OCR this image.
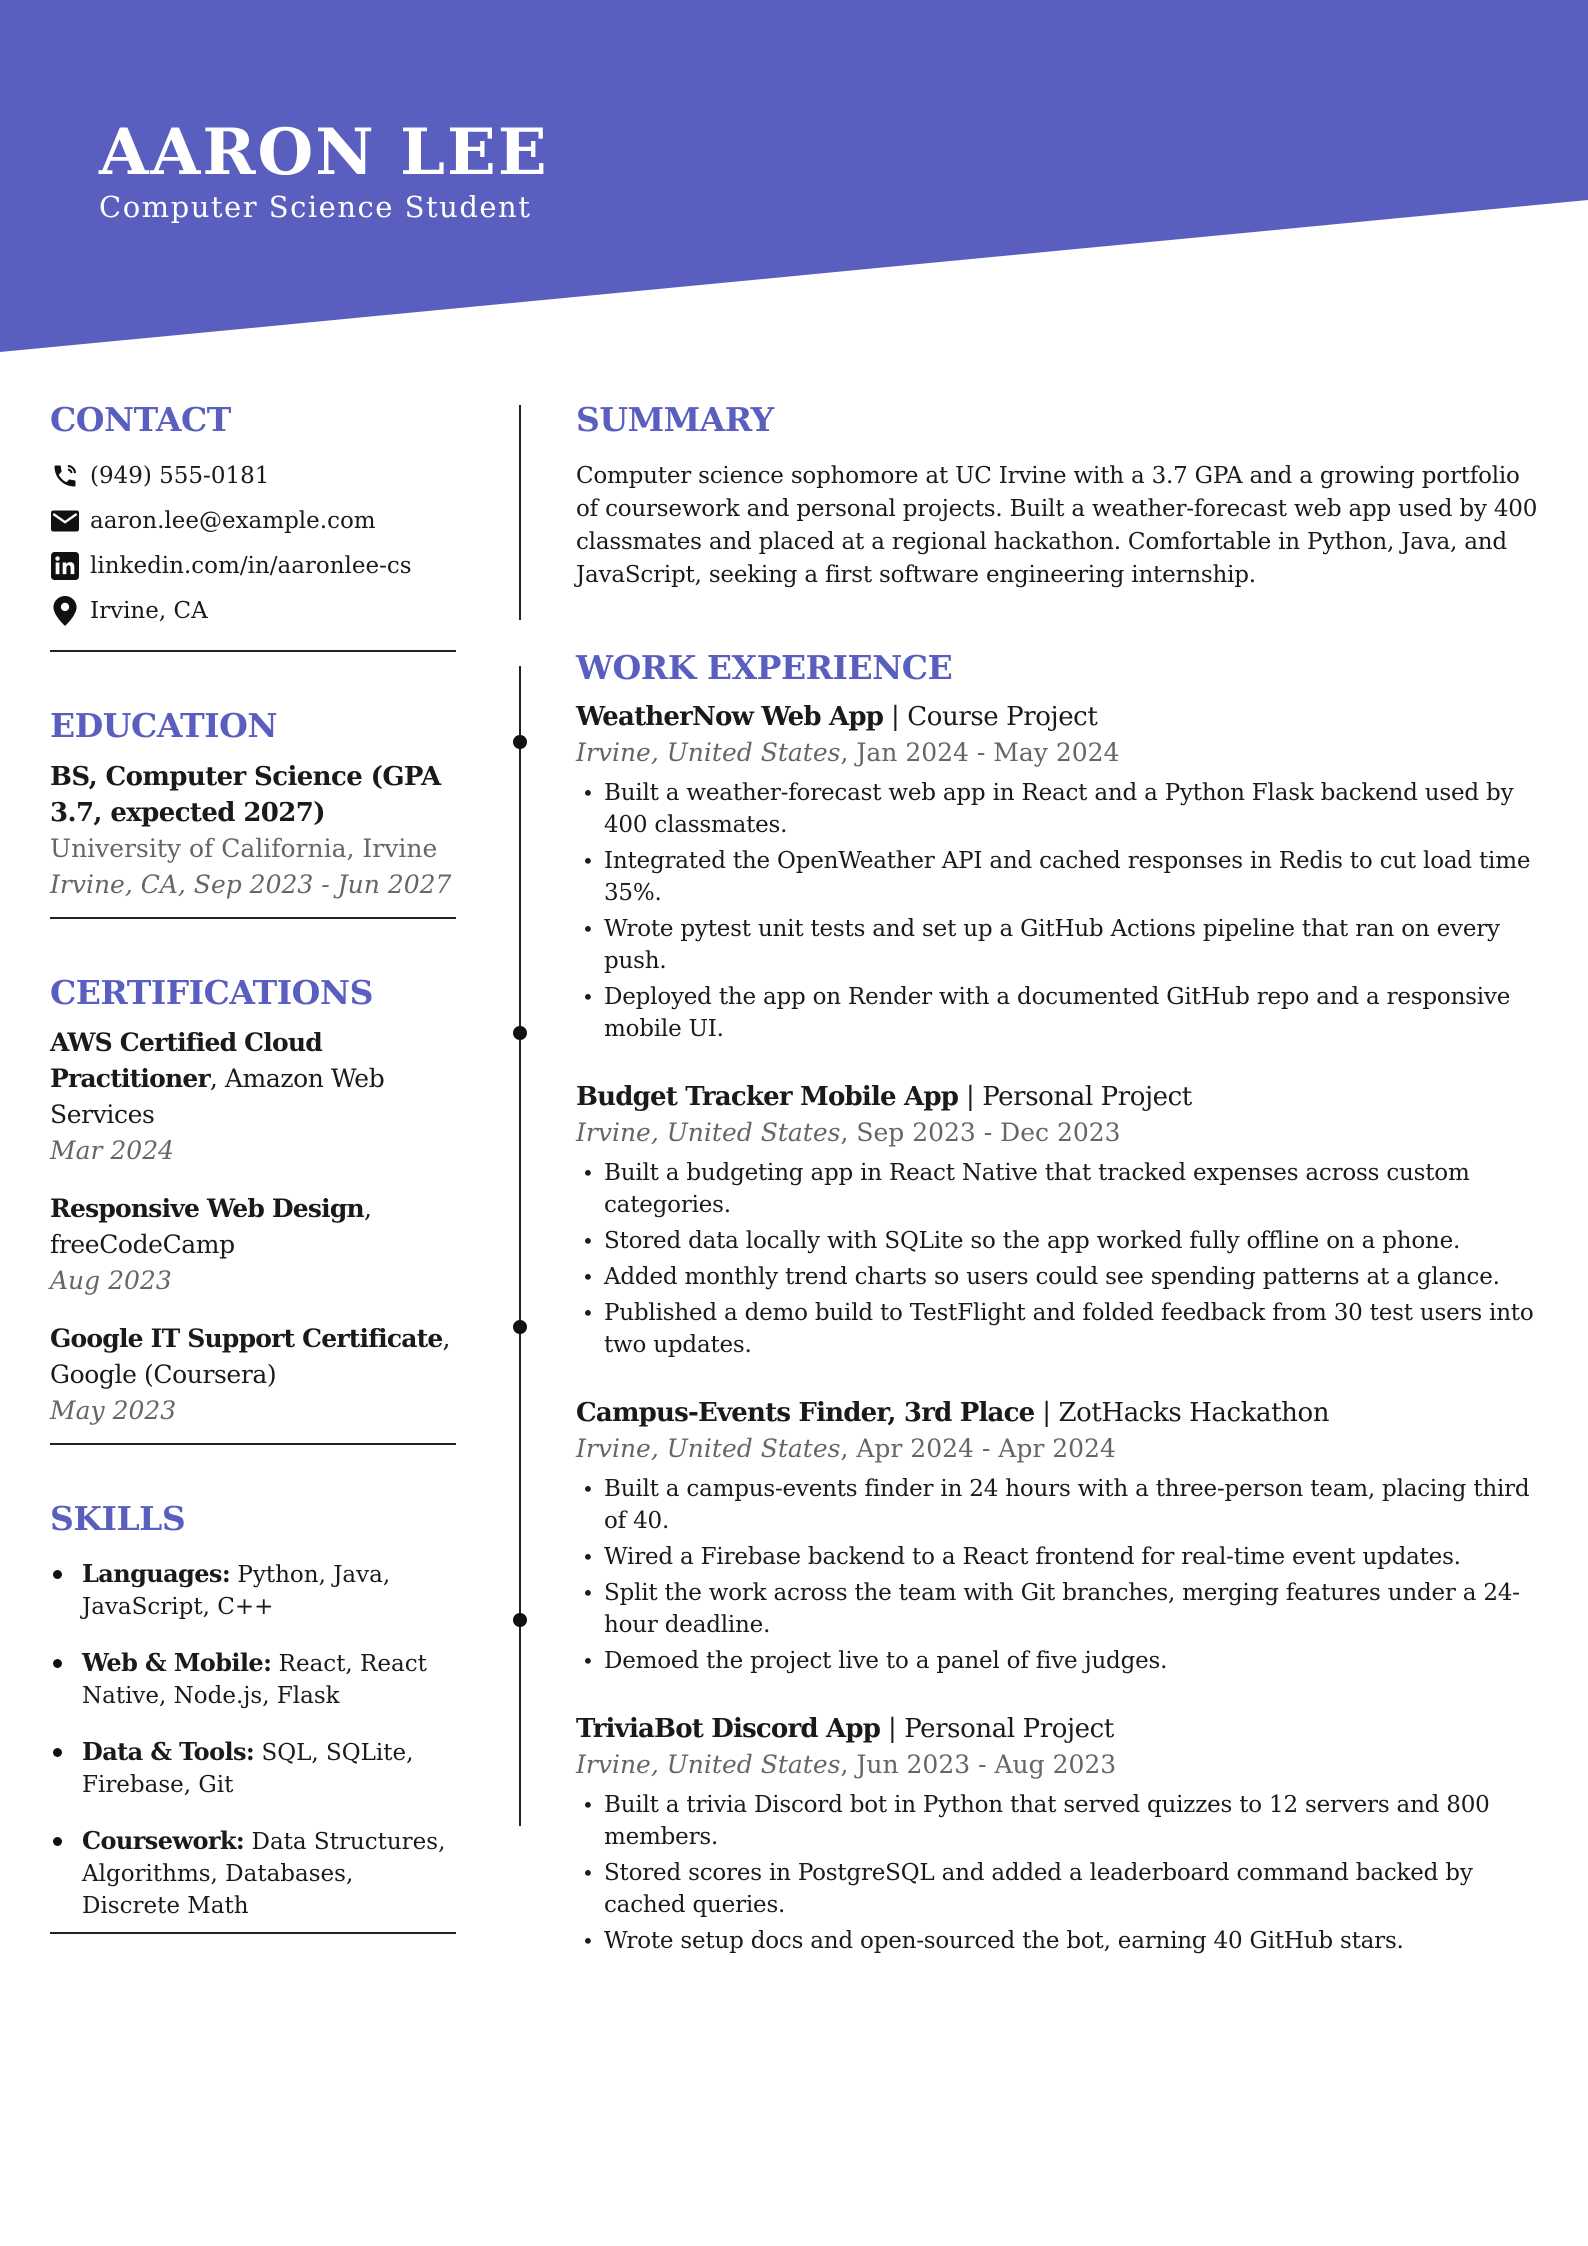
AARON LEE
Computer Science Student
CONTACT
(949) 555-0181
aaron.lee@example.com
linkedin.com/in/aaronlee-cs
Irvine, CA
EDUCATION
BS, Computer Science (GPA 3.7, expected 2027)
University of California, Irvine
Irvine, CA, Sep 2023 - Jun 2027
CERTIFICATIONS
AWS Certified Cloud Practitioner, Amazon Web Services
Mar 2024
Responsive Web Design, freeCodeCamp
Aug 2023
Google IT Support Certificate, Google (Coursera)
May 2023
SKILLS
Languages: Python, Java, JavaScript, C++
Web & Mobile: React, React Native, Node.js, Flask
Data & Tools: SQL, SQLite, Firebase, Git
Coursework: Data Structures, Algorithms, Databases, Discrete Math
SUMMARY

Computer science sophomore at UC Irvine with a 3.7 GPA and a growing portfolio of coursework and personal projects. Built a weather-forecast web app used by 400 classmates and placed at a regional hackathon. Comfortable in Python, Java, and JavaScript, seeking a first software engineering internship.

WORK EXPERIENCE
WeatherNow Web App | Course Project
Irvine, United States, Jan 2024 - May 2024
• Built a weather-forecast web app in React and a Python Flask backend used by 400 classmates.
• Integrated the OpenWeather API and cached responses in Redis to cut load time 35%.
• Wrote pytest unit tests and set up a GitHub Actions pipeline that ran on every push.
• Deployed the app on Render with a documented GitHub repo and a responsive mobile UI.
Budget Tracker Mobile App | Personal Project
Irvine, United States, Sep 2023 - Dec 2023
• Built a budgeting app in React Native that tracked expenses across custom categories.
• Stored data locally with SQLite so the app worked fully offline on a phone.
• Added monthly trend charts so users could see spending patterns at a glance.
• Published a demo build to TestFlight and folded feedback from 30 test users into two updates.
Campus-Events Finder, 3rd Place | ZotHacks Hackathon
Irvine, United States, Apr 2024 - Apr 2024
• Built a campus-events finder in 24 hours with a three-person team, placing third of 40.
• Wired a Firebase backend to a React frontend for real-time event updates.
• Split the work across the team with Git branches, merging features under a 24-hour deadline.
• Demoed the project live to a panel of five judges.
TriviaBot Discord App | Personal Project
Irvine, United States, Jun 2023 - Aug 2023
• Built a trivia Discord bot in Python that served quizzes to 12 servers and 800 members.
• Stored scores in PostgreSQL and added a leaderboard command backed by cached queries.
• Wrote setup docs and open-sourced the bot, earning 40 GitHub stars.
